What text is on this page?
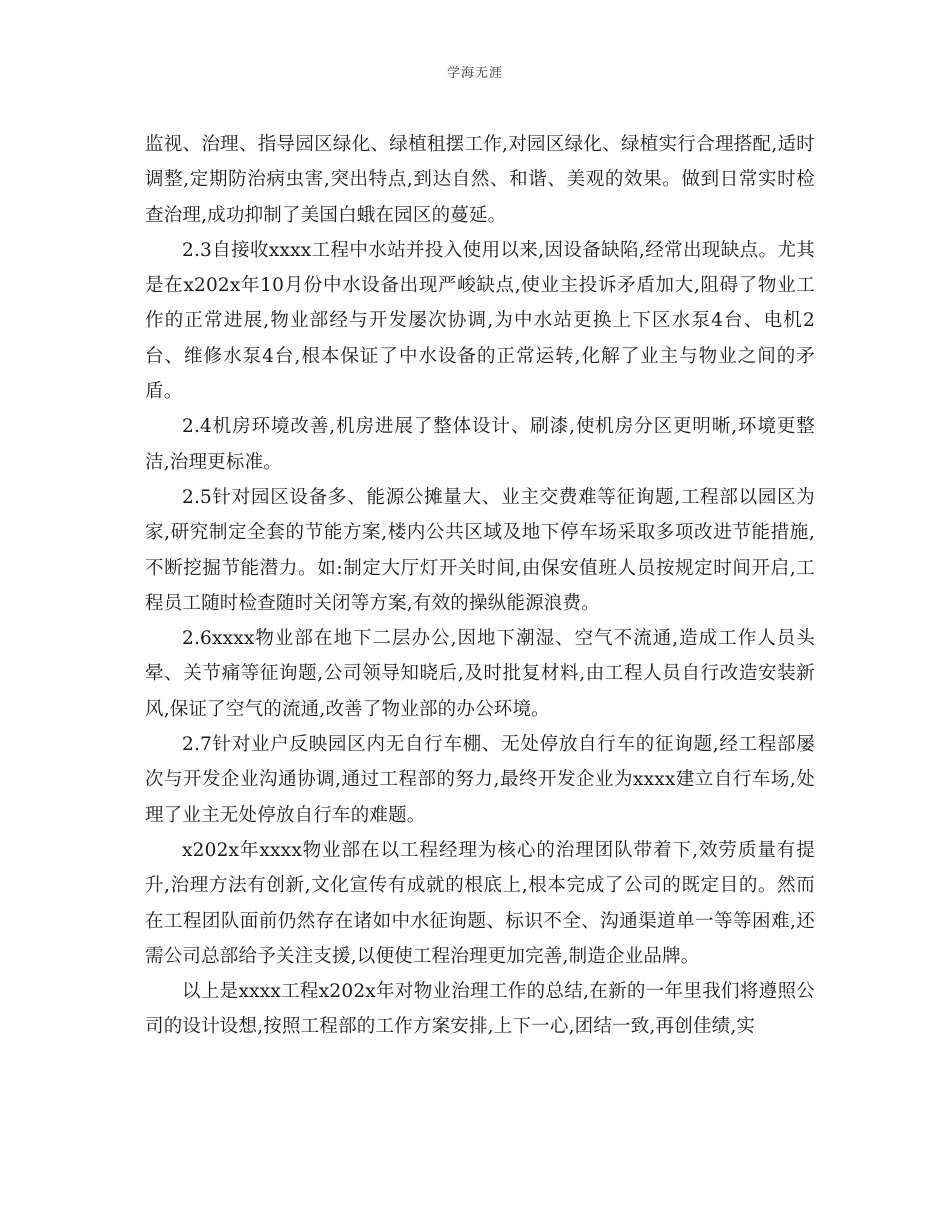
学海无涯

监视、治理、指导园区绿化、绿植租摆工作,对园区绿化、绿植实行合理搭配,适时调整,定期防治病虫害,突出特点,到达自然、和谐、美观的效果。做到日常实时检查治理,成功抑制了美国白蛾在园区的蔓延。

2.3自接收xxxx工程中水站并投入使用以来,因设备缺陷,经常出现缺点。尤其是在x202x年10月份中水设备出现严峻缺点,使业主投诉矛盾加大,阻碍了物业工作的正常进展,物业部经与开发屡次协调,为中水站更换上下区水泵4台、电机2台、维修水泵4台,根本保证了中水设备的正常运转,化解了业主与物业之间的矛盾。

2.4机房环境改善,机房进展了整体设计、刷漆,使机房分区更明晰,环境更整洁,治理更标准。

2.5针对园区设备多、能源公摊量大、业主交费难等征询题,工程部以园区为家,研究制定全套的节能方案,楼内公共区域及地下停车场采取多项改进节能措施,不断挖掘节能潜力。如:制定大厅灯开关时间,由保安值班人员按规定时间开启,工程员工随时检查随时关闭等方案,有效的操纵能源浪费。

2.6xxxx物业部在地下二层办公,因地下潮湿、空气不流通,造成工作人员头晕、关节痛等征询题,公司领导知晓后,及时批复材料,由工程人员自行改造安装新风,保证了空气的流通,改善了物业部的办公环境。

2.7针对业户反映园区内无自行车棚、无处停放自行车的征询题,经工程部屡次与开发企业沟通协调,通过工程部的努力,最终开发企业为xxxx建立自行车场,处理了业主无处停放自行车的难题。

x202x年xxxx物业部在以工程经理为核心的治理团队带着下,效劳质量有提升,治理方法有创新,文化宣传有成就的根底上,根本完成了公司的既定目的。然而在工程团队面前仍然存在诸如中水征询题、标识不全、沟通渠道单一等等困难,还需公司总部给予关注支援,以便使工程治理更加完善,制造企业品牌。

以上是xxxx工程x202x年对物业治理工作的总结,在新的一年里我们将遵照公司的设计设想,按照工程部的工作方案安排,上下一心,团结一致,再创佳绩,实
